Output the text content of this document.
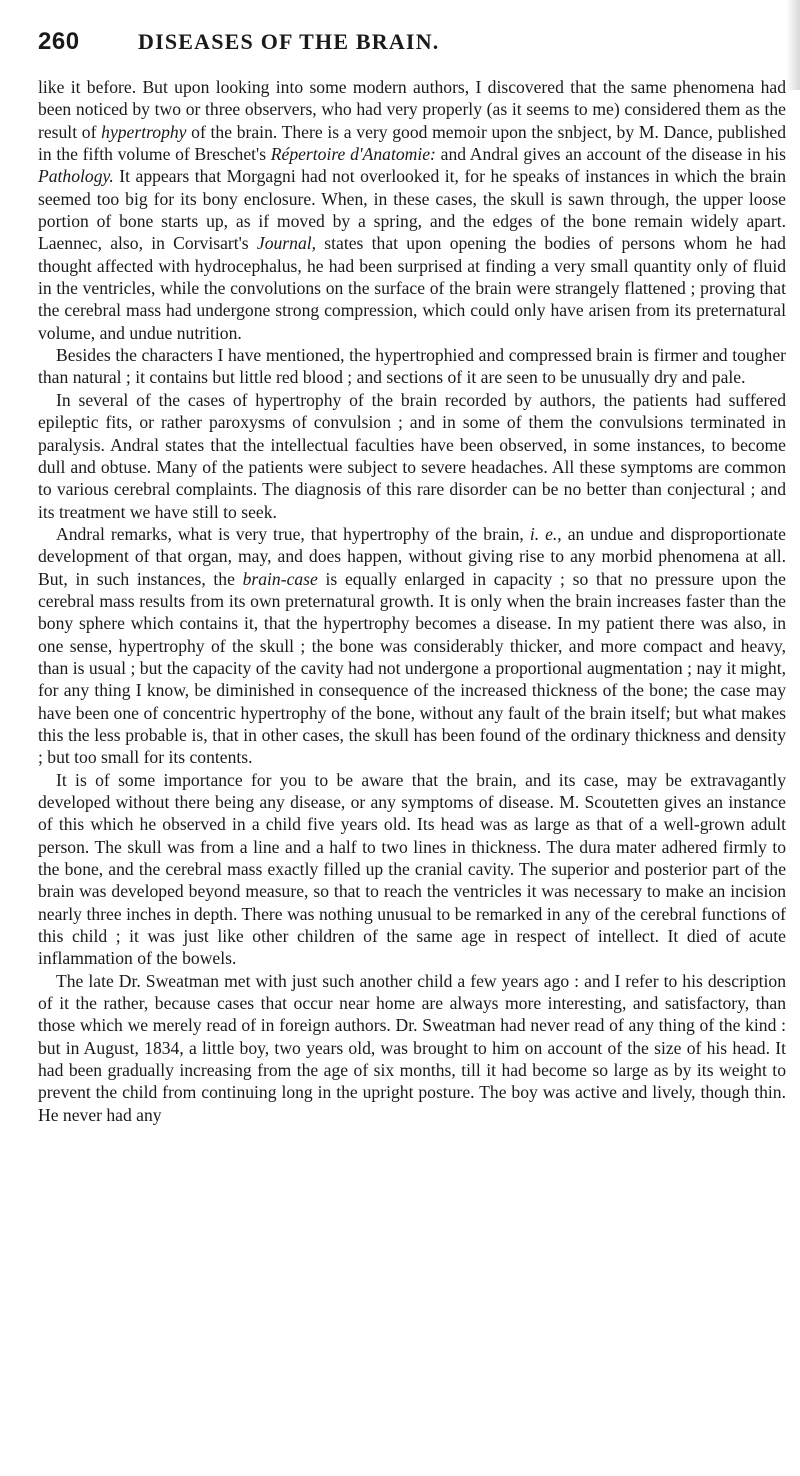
260	DISEASES OF THE BRAIN.

like it before. But upon looking into some modern authors, I discovered that the same phenomena had been noticed by two or three observers, who had very properly (as it seems to me) considered them as the result of hypertrophy of the brain. There is a very good memoir upon the snbject, by M. Dance, published in the fifth volume of Breschet's Répertoire d'Anatomie: and Andral gives an account of the disease in his Pathology. It appears that Morgagni had not overlooked it, for he speaks of instances in which the brain seemed too big for its bony enclosure. When, in these cases, the skull is sawn through, the upper loose portion of bone starts up, as if moved by a spring, and the edges of the bone remain widely apart. Laennec, also, in Corvisart's Journal, states that upon opening the bodies of persons whom he had thought affected with hydrocephalus, he had been surprised at finding a very small quantity only of fluid in the ventricles, while the convolutions on the surface of the brain were strangely flattened ; proving that the cerebral mass had undergone strong compression, which could only have arisen from its preternatural volume, and undue nutrition.

Besides the characters I have mentioned, the hypertrophied and compressed brain is firmer and tougher than natural ; it contains but little red blood ; and sections of it are seen to be unusually dry and pale.

In several of the cases of hypertrophy of the brain recorded by authors, the patients had suffered epileptic fits, or rather paroxysms of convulsion ; and in some of them the convulsions terminated in paralysis. Andral states that the intellectual faculties have been observed, in some instances, to become dull and obtuse. Many of the patients were subject to severe headaches. All these symptoms are common to various cerebral complaints. The diagnosis of this rare disorder can be no better than conjectural ; and its treatment we have still to seek.

Andral remarks, what is very true, that hypertrophy of the brain, i. e., an undue and disproportionate development of that organ, may, and does happen, without giving rise to any morbid phenomena at all. But, in such instances, the brain-case is equally enlarged in capacity ; so that no pressure upon the cerebral mass results from its own preternatural growth. It is only when the brain increases faster than the bony sphere which contains it, that the hypertrophy becomes a disease. In my patient there was also, in one sense, hypertrophy of the skull ; the bone was considerably thicker, and more compact and heavy, than is usual ; but the capacity of the cavity had not undergone a proportional augmentation ; nay it might, for any thing I know, be diminished in consequence of the increased thickness of the bone; the case may have been one of concentric hypertrophy of the bone, without any fault of the brain itself; but what makes this the less probable is, that in other cases, the skull has been found of the ordinary thickness and density ; but too small for its contents.

It is of some importance for you to be aware that the brain, and its case, may be extravagantly developed without there being any disease, or any symptoms of disease. M. Scoutetten gives an instance of this which he observed in a child five years old. Its head was as large as that of a well-grown adult person. The skull was from a line and a half to two lines in thickness. The dura mater adhered firmly to the bone, and the cerebral mass exactly filled up the cranial cavity. The superior and posterior part of the brain was developed beyond measure, so that to reach the ventricles it was necessary to make an incision nearly three inches in depth. There was nothing unusual to be remarked in any of the cerebral functions of this child ; it was just like other children of the same age in respect of intellect. It died of acute inflammation of the bowels.

The late Dr. Sweatman met with just such another child a few years ago : and I refer to his description of it the rather, because cases that occur near home are always more interesting, and satisfactory, than those which we merely read of in foreign authors. Dr. Sweatman had never read of any thing of the kind : but in August, 1834, a little boy, two years old, was brought to him on account of the size of his head. It had been gradually increasing from the age of six months, till it had become so large as by its weight to prevent the child from continuing long in the upright posture. The boy was active and lively, though thin. He never had any
